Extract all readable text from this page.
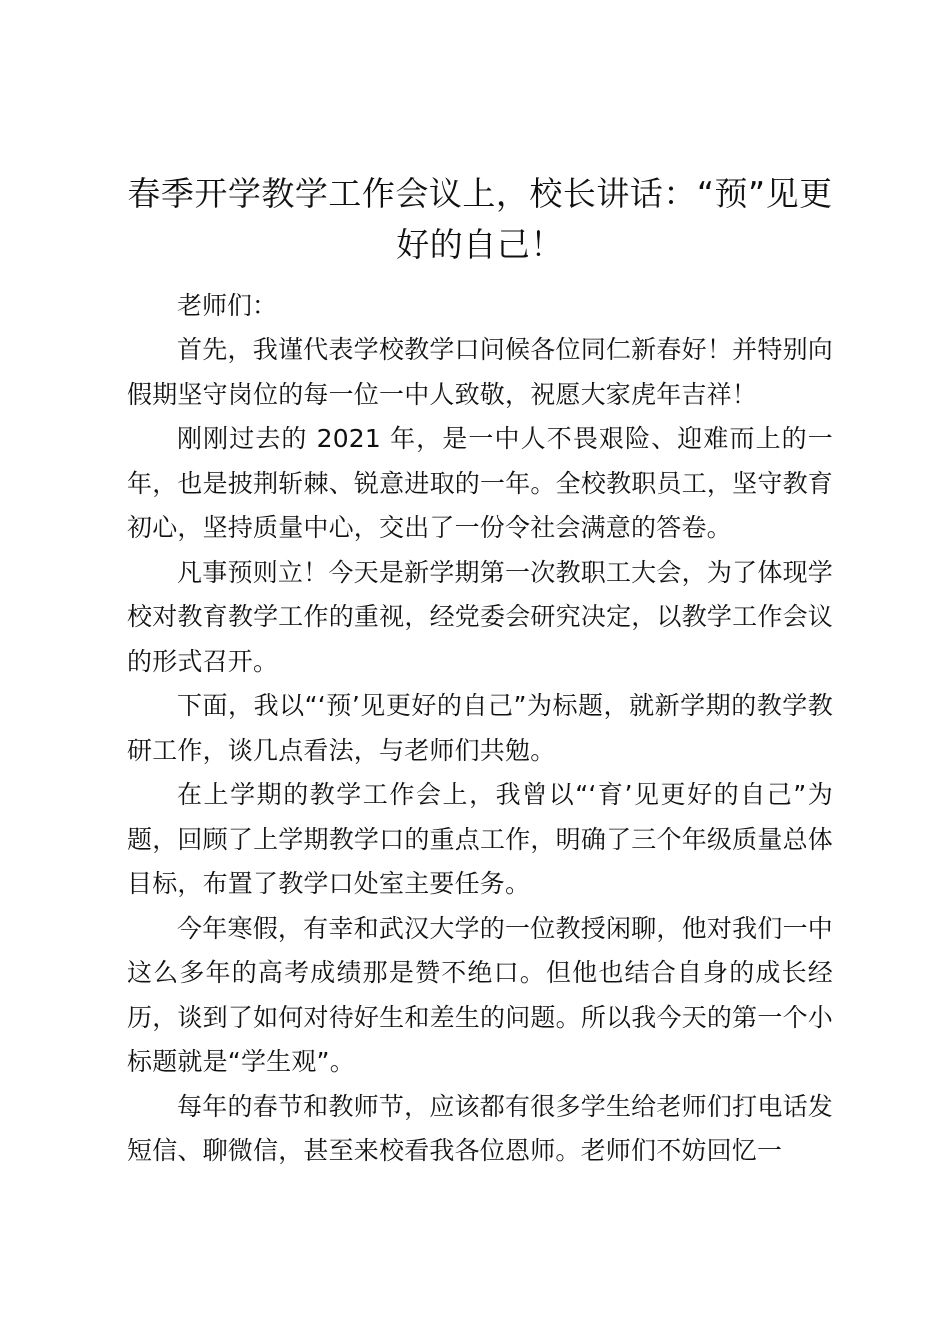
春季开学教学工作会议上，校长讲话：“预”见更好的自己！

老师们：

首先，我谨代表学校教学口问候各位同仁新春好！并特别向假期坚守岗位的每一位一中人致敬，祝愿大家虎年吉祥！

刚刚过去的 2021 年，是一中人不畏艰险、迎难而上的一年，也是披荆斩棘、锐意进取的一年。全校教职员工，坚守教育初心，坚持质量中心，交出了一份令社会满意的答卷。

凡事预则立！今天是新学期第一次教职工大会，为了体现学校对教育教学工作的重视，经党委会研究决定，以教学工作会议的形式召开。

下面，我以“‘预’见更好的自己”为标题，就新学期的教学教研工作，谈几点看法，与老师们共勉。

在上学期的教学工作会上，我曾以“‘育’见更好的自己”为题，回顾了上学期教学口的重点工作，明确了三个年级质量总体目标，布置了教学口处室主要任务。

今年寒假，有幸和武汉大学的一位教授闲聊，他对我们一中这么多年的高考成绩那是赞不绝口。但他也结合自身的成长经历，谈到了如何对待好生和差生的问题。所以我今天的第一个小标题就是“学生观”。

每年的春节和教师节，应该都有很多学生给老师们打电话发短信、聊微信，甚至来校看我各位恩师。老师们不妨回忆一
